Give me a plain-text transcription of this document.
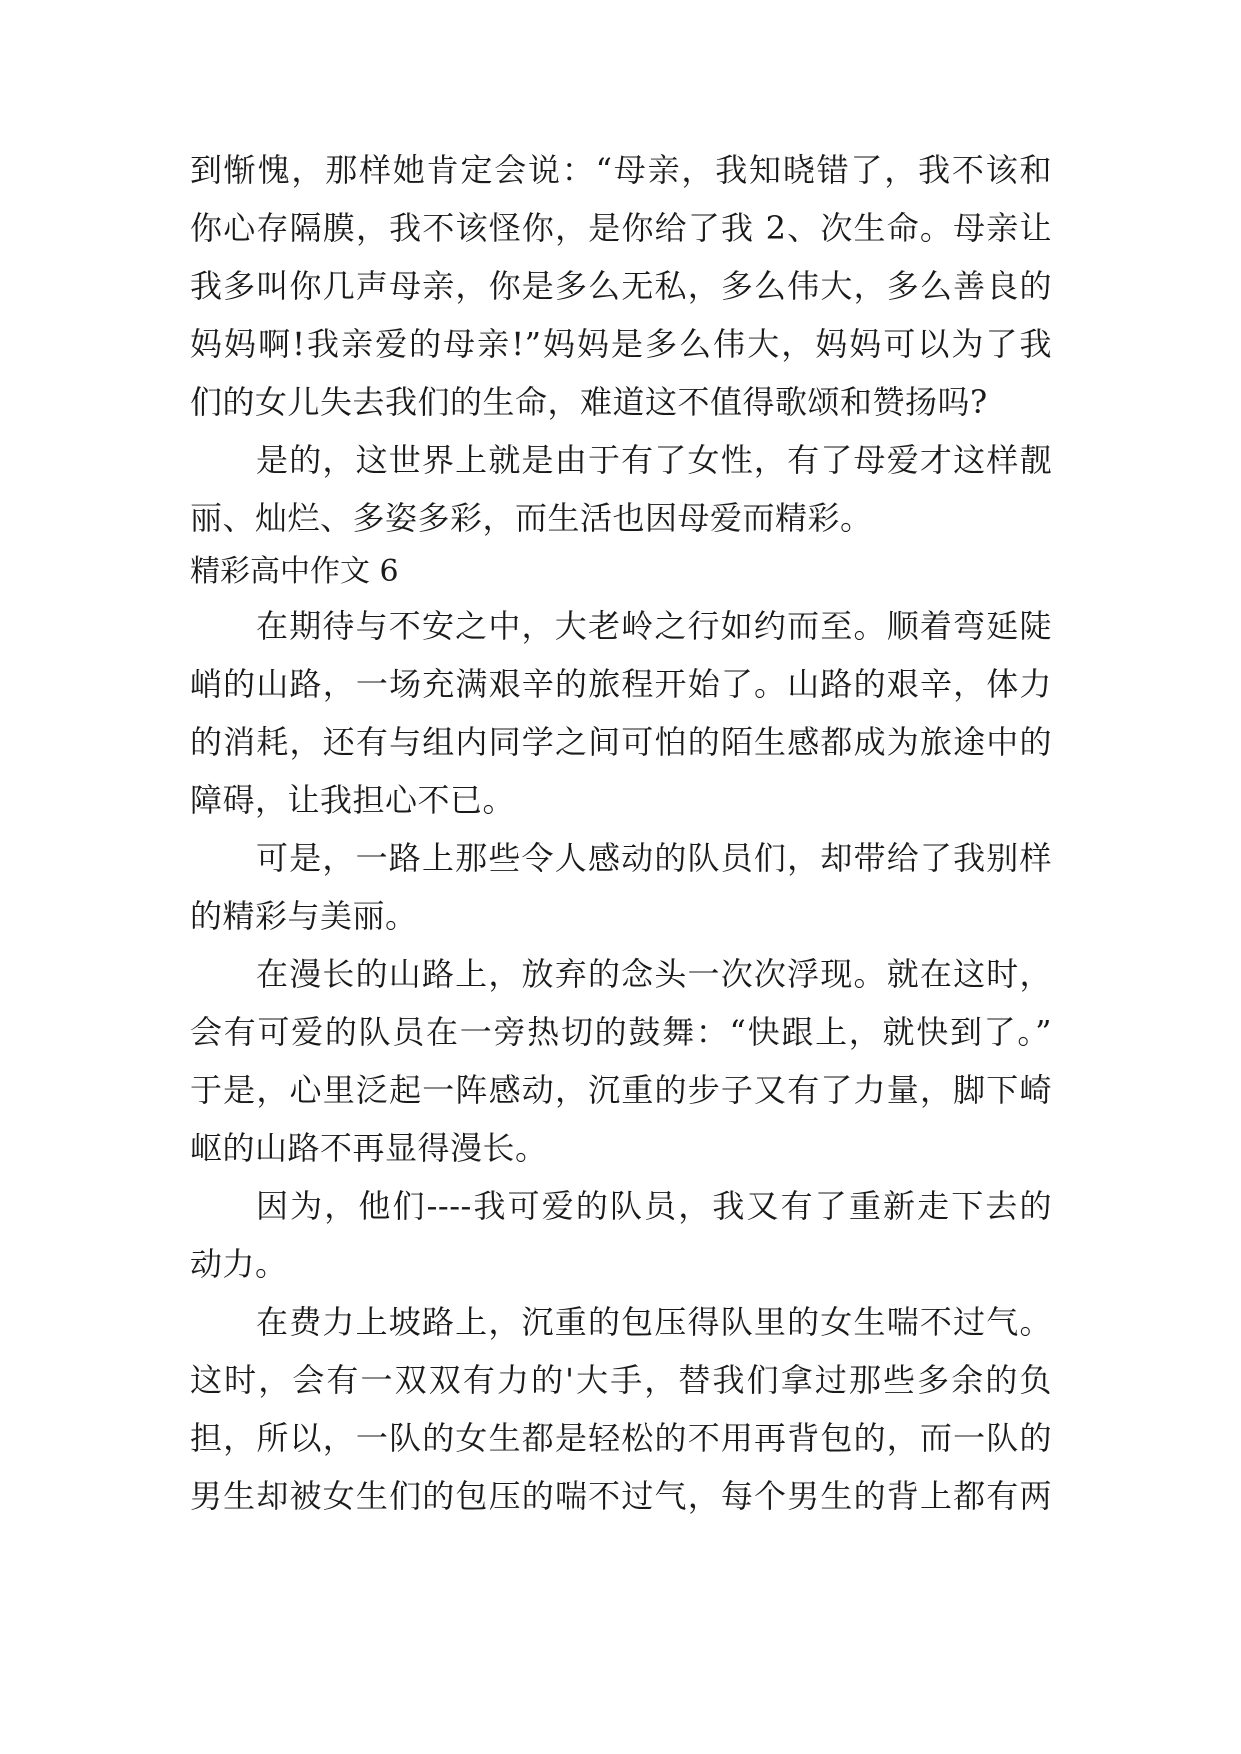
到惭愧，那样她肯定会说：“母亲，我知晓错了，我不该和
你心存隔膜，我不该怪你，是你给了我 2、次生命。母亲让
我多叫你几声母亲，你是多么无私，多么伟大，多么善良的
妈妈啊!我亲爱的母亲!”妈妈是多么伟大，妈妈可以为了我
们的女儿失去我们的生命，难道这不值得歌颂和赞扬吗?
是的，这世界上就是由于有了女性，有了母爱才这样靓
丽、灿烂、多姿多彩，而生活也因母爱而精彩。
精彩高中作文 6
在期待与不安之中，大老岭之行如约而至。顺着弯延陡
峭的山路，一场充满艰辛的旅程开始了。山路的艰辛，体力
的消耗，还有与组内同学之间可怕的陌生感都成为旅途中的
障碍，让我担心不已。
可是，一路上那些令人感动的队员们，却带给了我别样
的精彩与美丽。
在漫长的山路上，放弃的念头一次次浮现。就在这时，
会有可爱的队员在一旁热切的鼓舞：“快跟上，就快到了。”
于是，心里泛起一阵感动，沉重的步子又有了力量，脚下崎
岖的山路不再显得漫长。
因为，他们----我可爱的队员，我又有了重新走下去的
动力。
在费力上坡路上，沉重的包压得队里的女生喘不过气。
这时，会有一双双有力的'大手，替我们拿过那些多余的负
担，所以，一队的女生都是轻松的不用再背包的，而一队的
男生却被女生们的包压的喘不过气，每个男生的背上都有两
